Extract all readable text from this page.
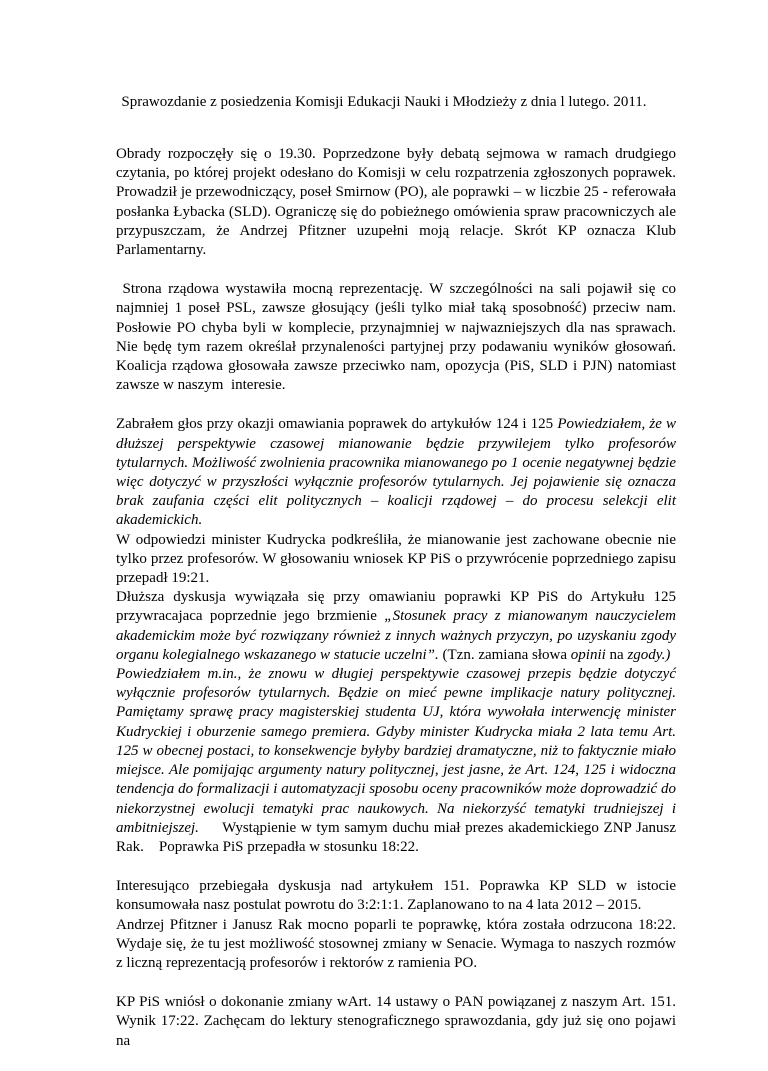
Sprawozdanie z posiedzenia Komisji Edukacji Nauki i Młodzieży z dnia l lutego. 2011.

Obrady rozpoczęły się o 19.30. Poprzedzone były debatą sejmowa w ramach drudgiego czytania, po której projekt odesłano do Komisji w celu rozpatrzenia zgłoszonych poprawek. Prowadził je przewodniczący, poseł Smirnow (PO), ale poprawki – w liczbie 25 - referowała posłanka Łybacka (SLD). Ograniczę się do pobieżnego omówienia spraw pracowniczych ale przypuszczam, że Andrzej Pfitzner uzupełni moją relacje. Skrót KP oznacza Klub Parlamentarny.

Strona rządowa wystawiła mocną reprezentację. W szczególności na sali pojawił się co najmniej 1 poseł PSL, zawsze głosujący (jeśli tylko miał taką sposobność) przeciw nam. Posłowie PO chyba byli w komplecie, przynajmniej w najwazniejszych dla nas sprawach. Nie będę tym razem określał przynaleności partyjnej przy podawaniu wyników głosowań. Koalicja rządowa głosowała zawsze przeciwko nam, opozycja (PiS, SLD i PJN) natomiast zawsze w naszym  interesie.

Zabrałem głos przy okazji omawiania poprawek do artykułów 124 i 125 Powiedziałem, że w dłuższej perspektywie czasowej mianowanie będzie przywilejem tylko profesorów tytularnych. Możliwość zwolnienia pracownika mianowanego po 1 ocenie negatywnej będzie więc dotyczyć w przyszłości wyłącznie profesorów tytularnych. Jej pojawienie się oznacza brak zaufania części elit politycznych – koalicji rządowej – do procesu selekcji elit akademickich.
W odpowiedzi minister Kudrycka podkreśliła, że mianowanie jest zachowane obecnie nie tylko przez profesorów. W głosowaniu wniosek KP PiS o przywrócenie poprzedniego zapisu przepadł 19:21.
Dłuższa dyskusja wywiązała się przy omawianiu poprawki KP PiS do Artykułu 125 przywracajaca poprzednie jego brzmienie „Stosunek pracy z mianowanym nauczycielem akademickim może być rozwiązany również z innych ważnych przyczyn, po uzyskaniu zgody organu kolegialnego wskazanego w statucie uczelni”. (Tzn. zamiana słowa opinii na zgody.)
Powiedziałem m.in., że znowu w długiej perspektywie czasowej przepis będzie dotyczyć wyłącznie profesorów tytularnych. Będzie on mieć pewne implikacje natury politycznej. Pamiętamy sprawę pracy magisterskiej studenta UJ, która wywołała interwencję minister Kudryckiej i oburzenie samego premiera. Gdyby minister Kudrycka miała 2 lata temu Art. 125 w obecnej postaci, to konsekwencje byłyby bardziej dramatyczne, niż to faktycznie miało miejsce. Ale pomijając argumenty natury politycznej, jest jasne, że Art. 124, 125 i widoczna tendencja do formalizacji i automatyzacji sposobu oceny pracowników może doprowadzić do niekorzystnej ewolucji tematyki prac naukowych. Na niekorzyść tematyki trudniejszej i ambitniejszej.     Wystąpienie w tym samym duchu miał prezes akademickiego ZNP Janusz Rak.    Poprawka PiS przepadła w stosunku 18:22.

Interesująco przebiegała dyskusja nad artykułem 151. Poprawka KP SLD w istocie konsumowała nasz postulat powrotu do 3:2:1:1. Zaplanowano to na 4 lata 2012 – 2015.
Andrzej Pfitzner i Janusz Rak mocno poparli te poprawkę, która została odrzucona 18:22. Wydaje się, że tu jest możliwość stosownej zmiany w Senacie. Wymaga to naszych rozmów z liczną reprezentacją profesorów i rektorów z ramienia PO.

KP PiS wniósł o dokonanie zmiany wArt. 14 ustawy o PAN powiązanej z naszym Art. 151. Wynik 17:22. Zachęcam do lektury stenograficznego sprawozdania, gdy już się ono pojawi na
